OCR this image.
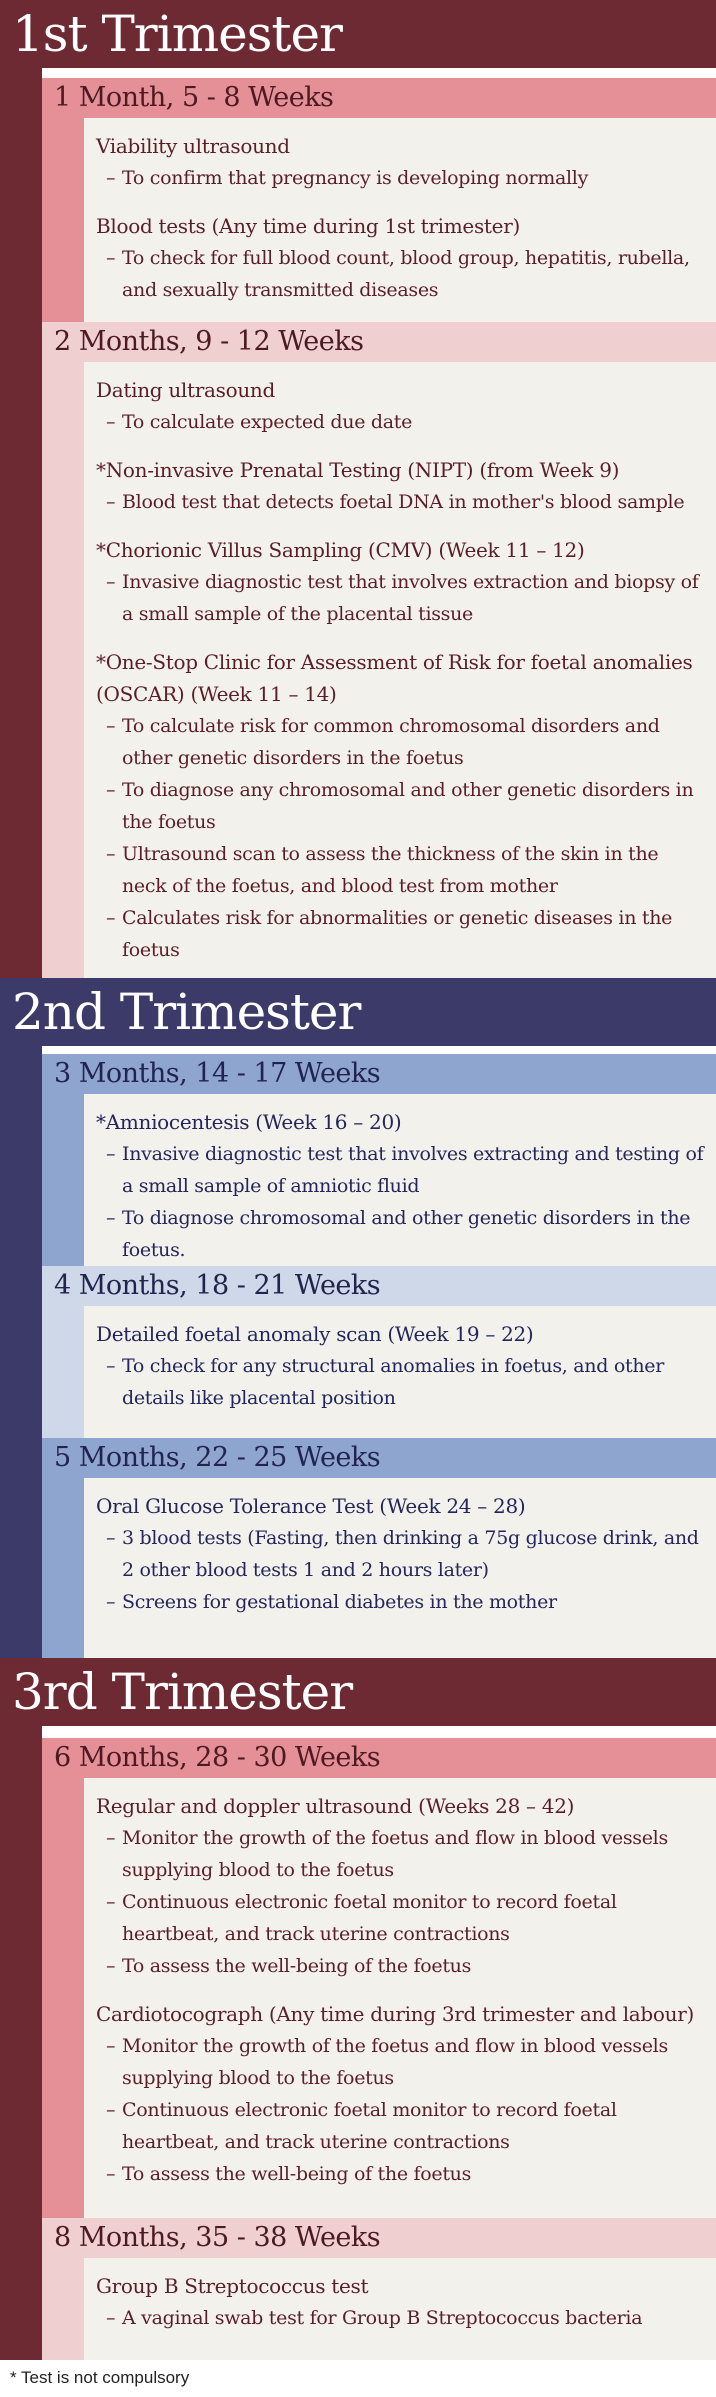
1st Trimester
1 Month, 5 - 8 Weeks

Viability ultrasound

– To confirm that pregnancy is developing normally

Blood tests (Any time during 1st trimester)

– To check for full blood count, blood group, hepatitis, rubella, and sexually transmitted diseases

2 Months, 9 - 12 Weeks

Dating ultrasound

– To calculate expected due date

*Non-invasive Prenatal Testing (NIPT) (from Week 9)

– Blood test that detects foetal DNA in mother's blood sample

*Chorionic Villus Sampling (CMV) (Week 11 – 12)

– Invasive diagnostic test that involves extraction and biopsy of a small sample of the placental tissue

*One-Stop Clinic for Assessment of Risk for foetal anomalies (OSCAR) (Week 11 – 14)

– To calculate risk for common chromosomal disorders and other genetic disorders in the foetus

– To diagnose any chromosomal and other genetic disorders in the foetus

– Ultrasound scan to assess the thickness of the skin in the neck of the foetus, and blood test from mother

– Calculates risk for abnormalities or genetic diseases in the foetus

2nd Trimester
3 Months, 14 - 17 Weeks

*Amniocentesis (Week 16 – 20)

– Invasive diagnostic test that involves extracting and testing of a small sample of amniotic fluid

– To diagnose chromosomal and other genetic disorders in the foetus.

4 Months, 18 - 21 Weeks

Detailed foetal anomaly scan (Week 19 – 22)

– To check for any structural anomalies in foetus, and other details like placental position

5 Months, 22 - 25 Weeks

Oral Glucose Tolerance Test (Week 24 – 28)

– 3 blood tests (Fasting, then drinking a 75g glucose drink, and 2 other blood tests 1 and 2 hours later)

– Screens for gestational diabetes in the mother

3rd Trimester
6 Months, 28 - 30 Weeks

Regular and doppler ultrasound (Weeks 28 – 42)

– Monitor the growth of the foetus and flow in blood vessels supplying blood to the foetus

– Continuous electronic foetal monitor to record foetal heartbeat, and track uterine contractions

– To assess the well-being of the foetus

Cardiotocograph (Any time during 3rd trimester and labour)

– Monitor the growth of the foetus and flow in blood vessels supplying blood to the foetus

– Continuous electronic foetal monitor to record foetal heartbeat, and track uterine contractions

– To assess the well-being of the foetus

8 Months, 35 - 38 Weeks

Group B Streptococcus test

– A vaginal swab test for Group B Streptococcus bacteria

* Test is not compulsory
